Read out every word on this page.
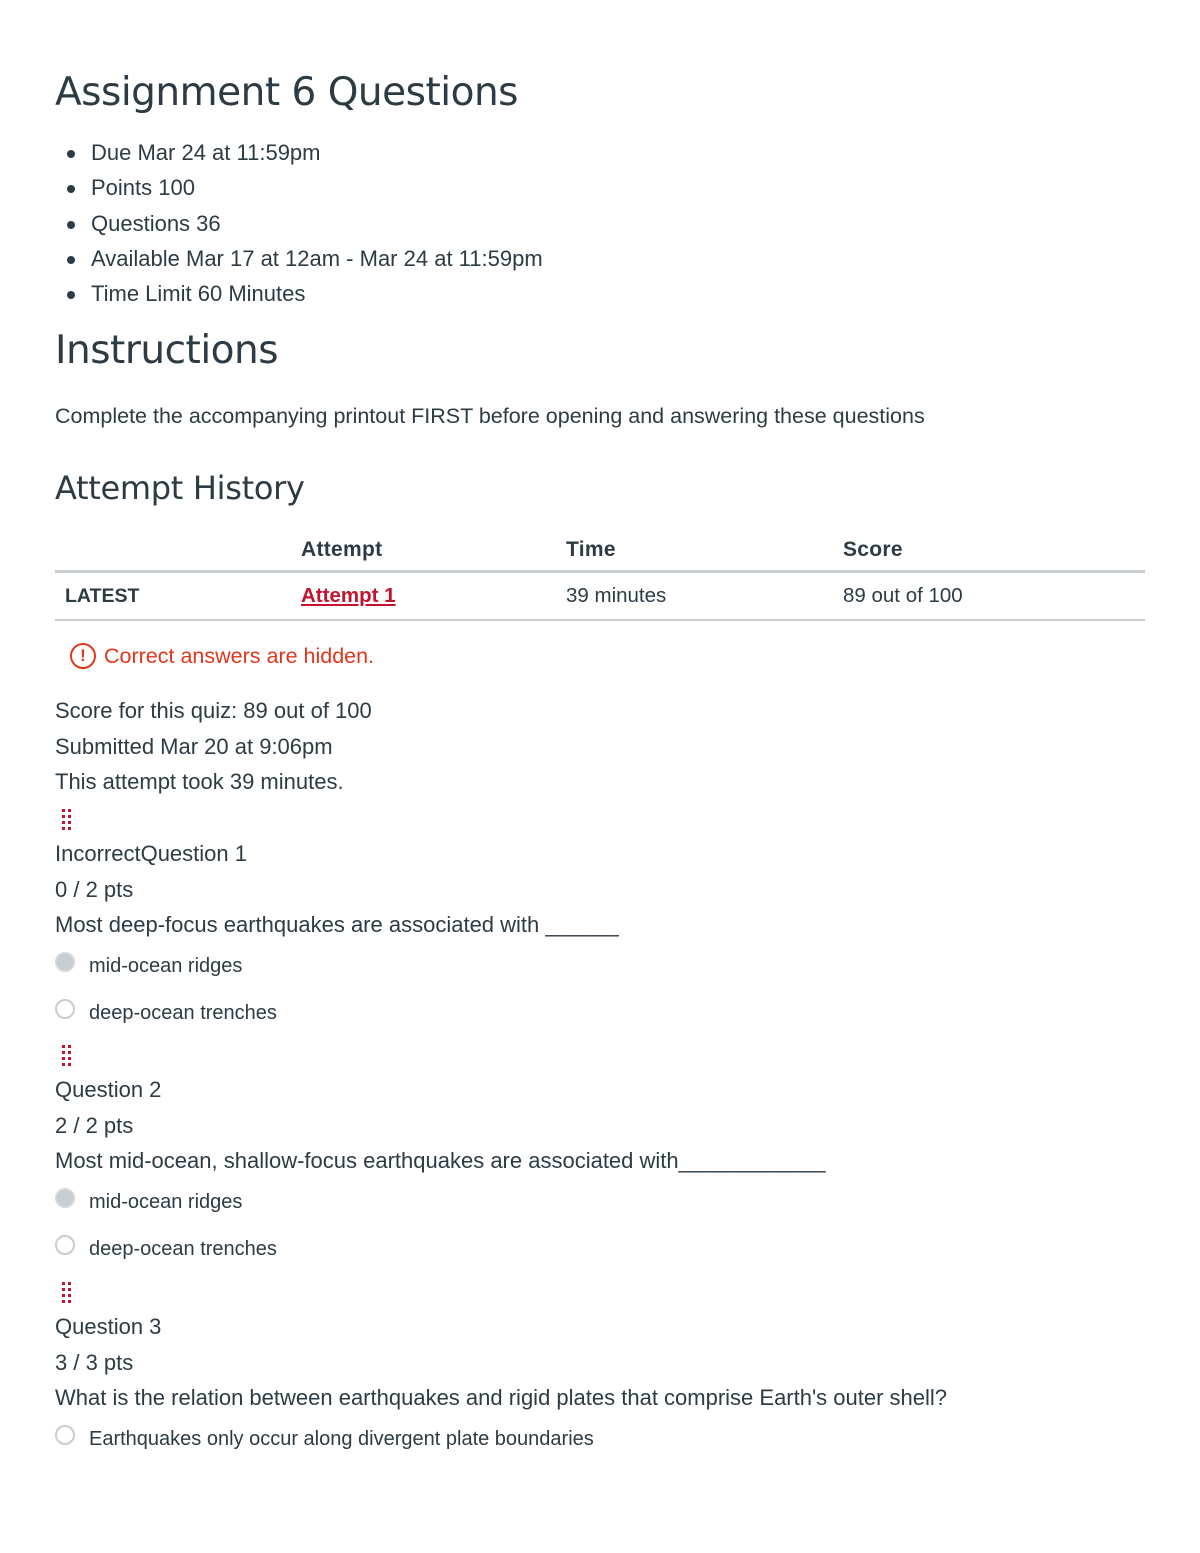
Assignment 6 Questions
Due Mar 24 at 11:59pm
Points 100
Questions 36
Available Mar 17 at 12am - Mar 24 at 11:59pm
Time Limit 60 Minutes
Instructions

Complete the accompanying printout FIRST before opening and answering these questions

Attempt History
	Attempt	Time	Score
LATEST	Attempt 1	39 minutes	89 out of 100
! Correct answers are hidden.
Score for this quiz: 89 out of 100
Submitted Mar 20 at 9:06pm
This attempt took 39 minutes.
IncorrectQuestion 1
0 / 2 pts
Most deep-focus earthquakes are associated with ______
mid-ocean ridges
deep-ocean trenches
Question 2
2 / 2 pts
Most mid-ocean, shallow-focus earthquakes are associated with____________
mid-ocean ridges
deep-ocean trenches
Question 3
3 / 3 pts
What is the relation between earthquakes and rigid plates that comprise Earth's outer shell?
Earthquakes only occur along divergent plate boundaries
